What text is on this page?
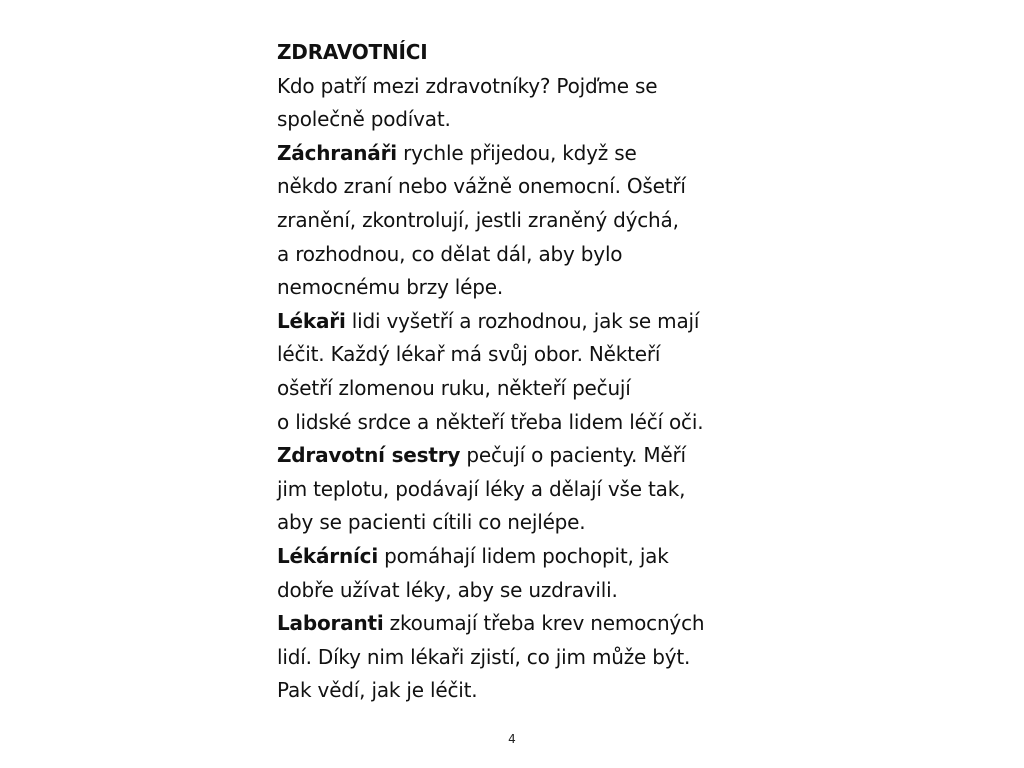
ZDRAVOTNÍCI
Kdo patří mezi zdravotníky? Pojďme se
společně podívat.
Záchranáři rychle přijedou, když se
někdo zraní nebo vážně onemocní. Ošetří
zranění, zkontrolují, jestli zraněný dýchá,
a rozhodnou, co dělat dál, aby bylo
nemocnému brzy lépe.
Lékaři lidi vyšetří a rozhodnou, jak se mají
léčit. Každý lékař má svůj obor. Někteří
ošetří zlomenou ruku, někteří pečují
o lidské srdce a někteří třeba lidem léčí oči.
Zdravotní sestry pečují o pacienty. Měří
jim teplotu, podávají léky a dělají vše tak,
aby se pacienti cítili co nejlépe.
Lékárníci pomáhají lidem pochopit, jak
dobře užívat léky, aby se uzdravili.
Laboranti zkoumají třeba krev nemocných
lidí. Díky nim lékaři zjistí, co jim může být.
Pak vědí, jak je léčit.
4
